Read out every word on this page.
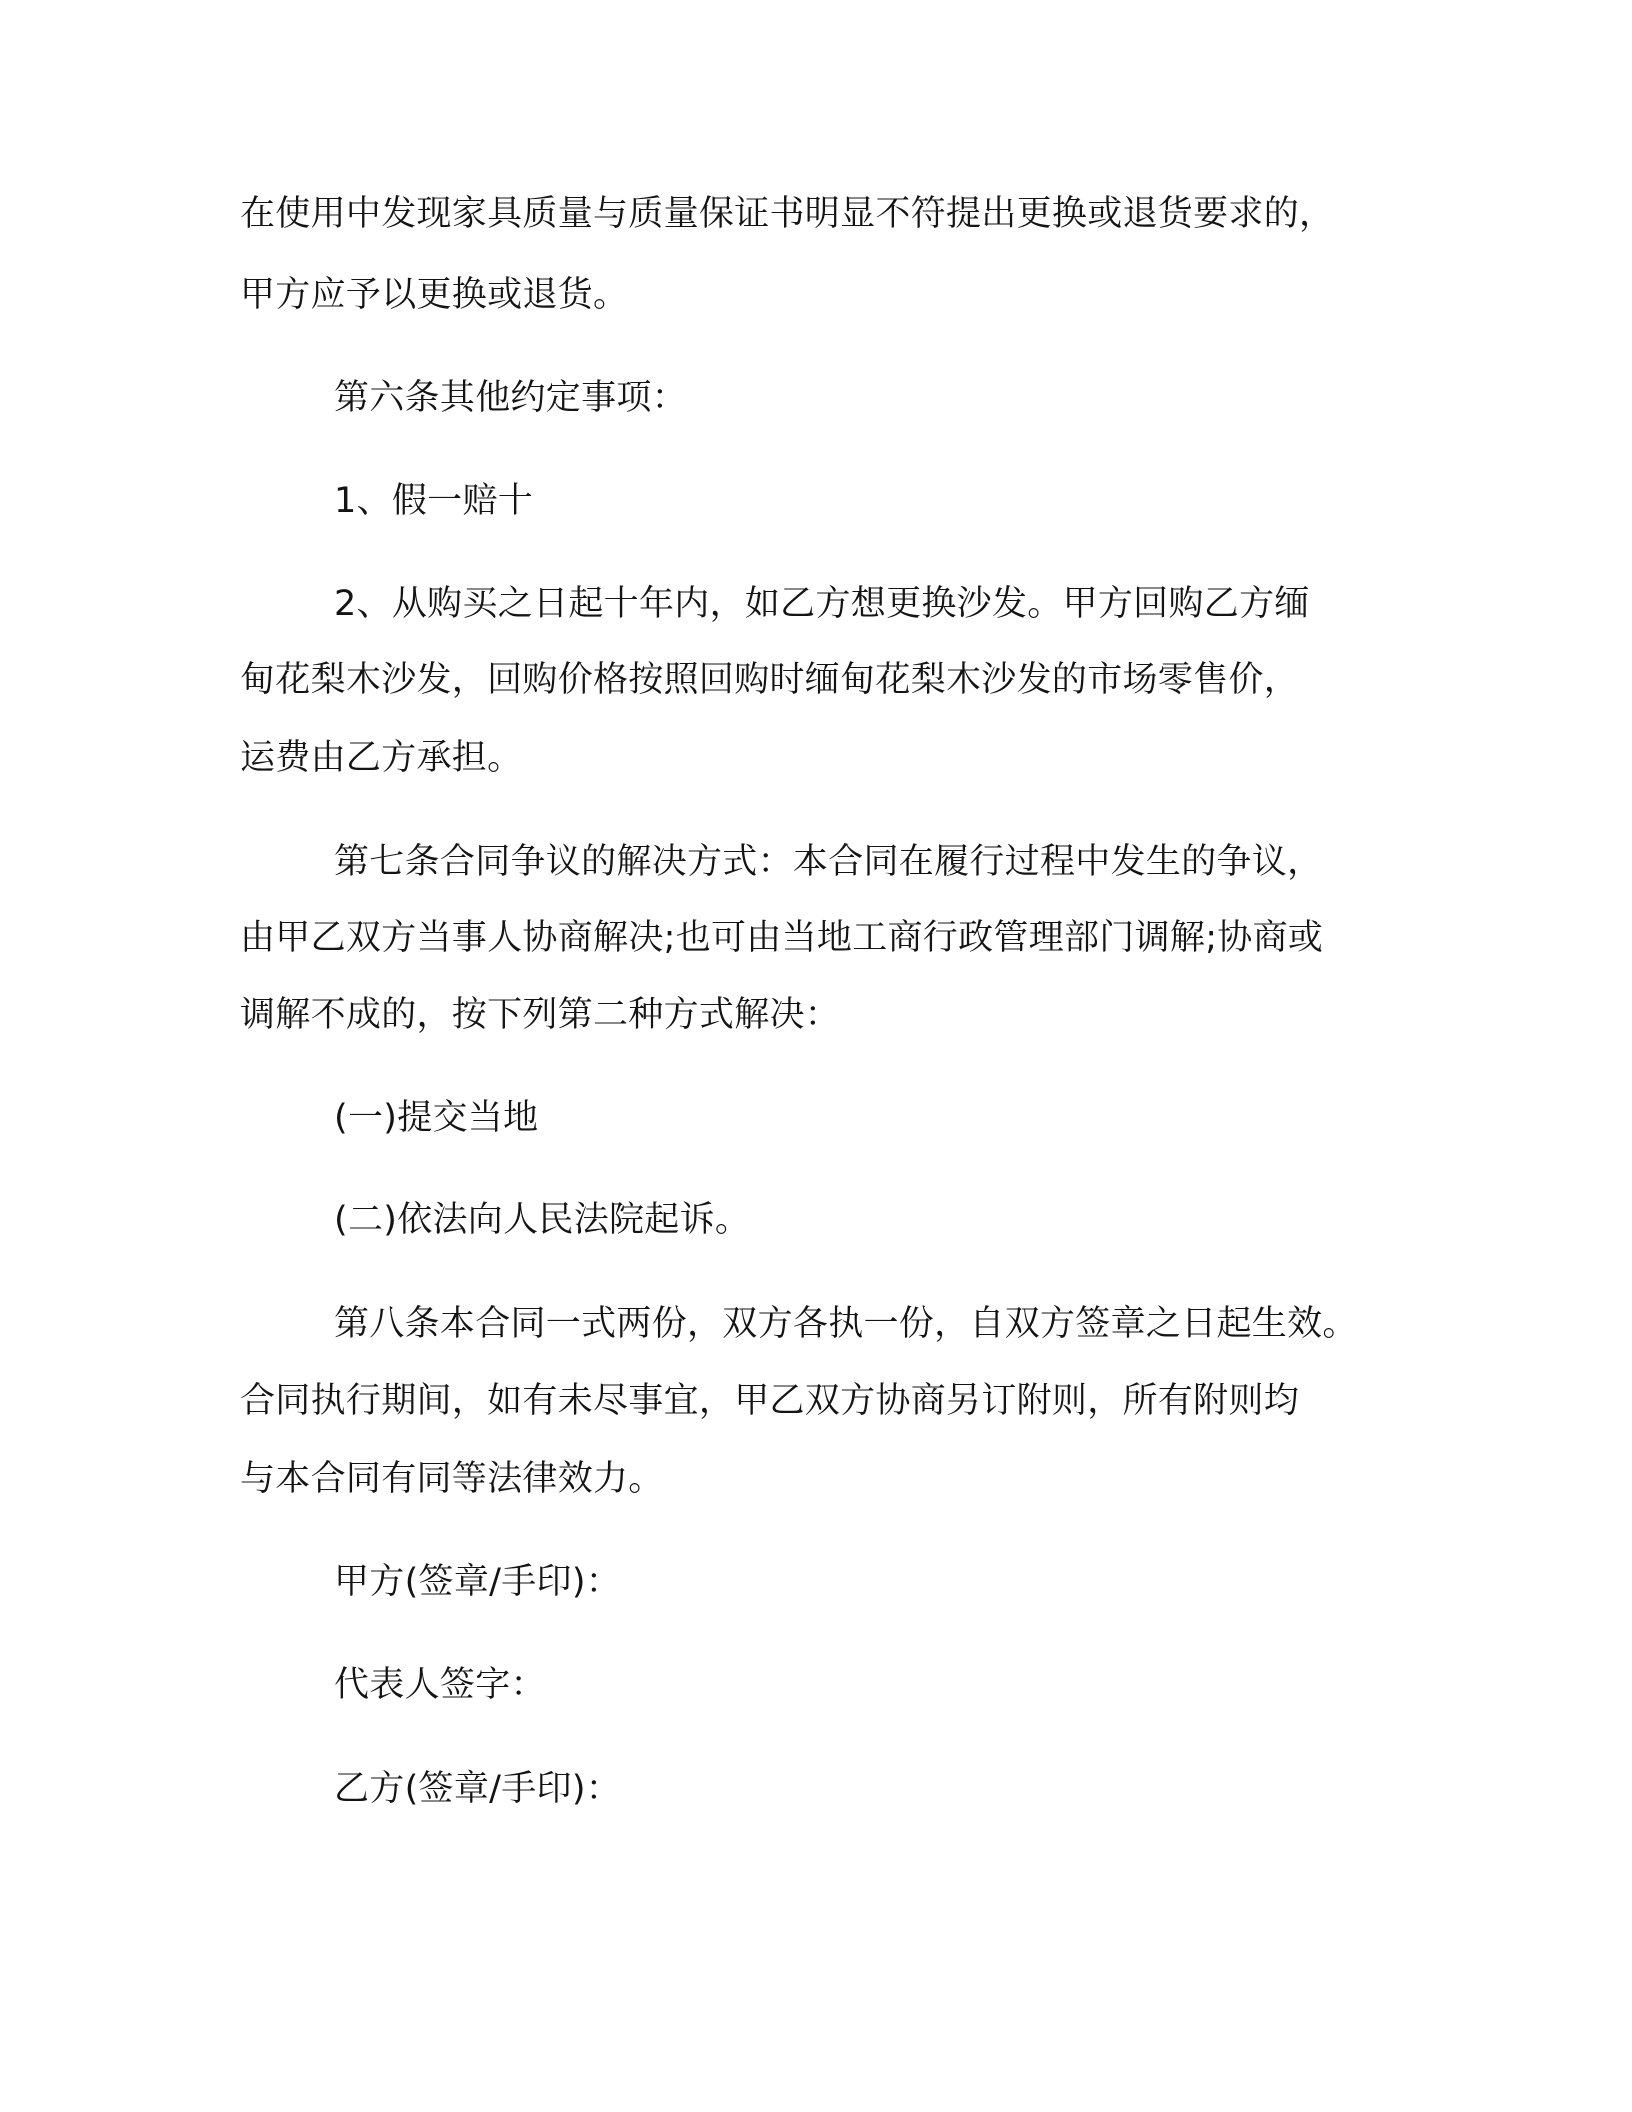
在使用中发现家具质量与质量保证书明显不符提出更换或退货要求的，
甲方应予以更换或退货。
第六条其他约定事项：
1、假一赔十
2、从购买之日起十年内，如乙方想更换沙发。甲方回购乙方缅
甸花梨木沙发，回购价格按照回购时缅甸花梨木沙发的市场零售价，
运费由乙方承担。
第七条合同争议的解决方式：本合同在履行过程中发生的争议，
由甲乙双方当事人协商解决;也可由当地工商行政管理部门调解;协商或
调解不成的，按下列第二种方式解决：
(一)提交当地
(二)依法向人民法院起诉。
第八条本合同一式两份，双方各执一份，自双方签章之日起生效。
合同执行期间，如有未尽事宜，甲乙双方协商另订附则，所有附则均
与本合同有同等法律效力。
甲方(签章/手印)：
代表人签字：
乙方(签章/手印)：
